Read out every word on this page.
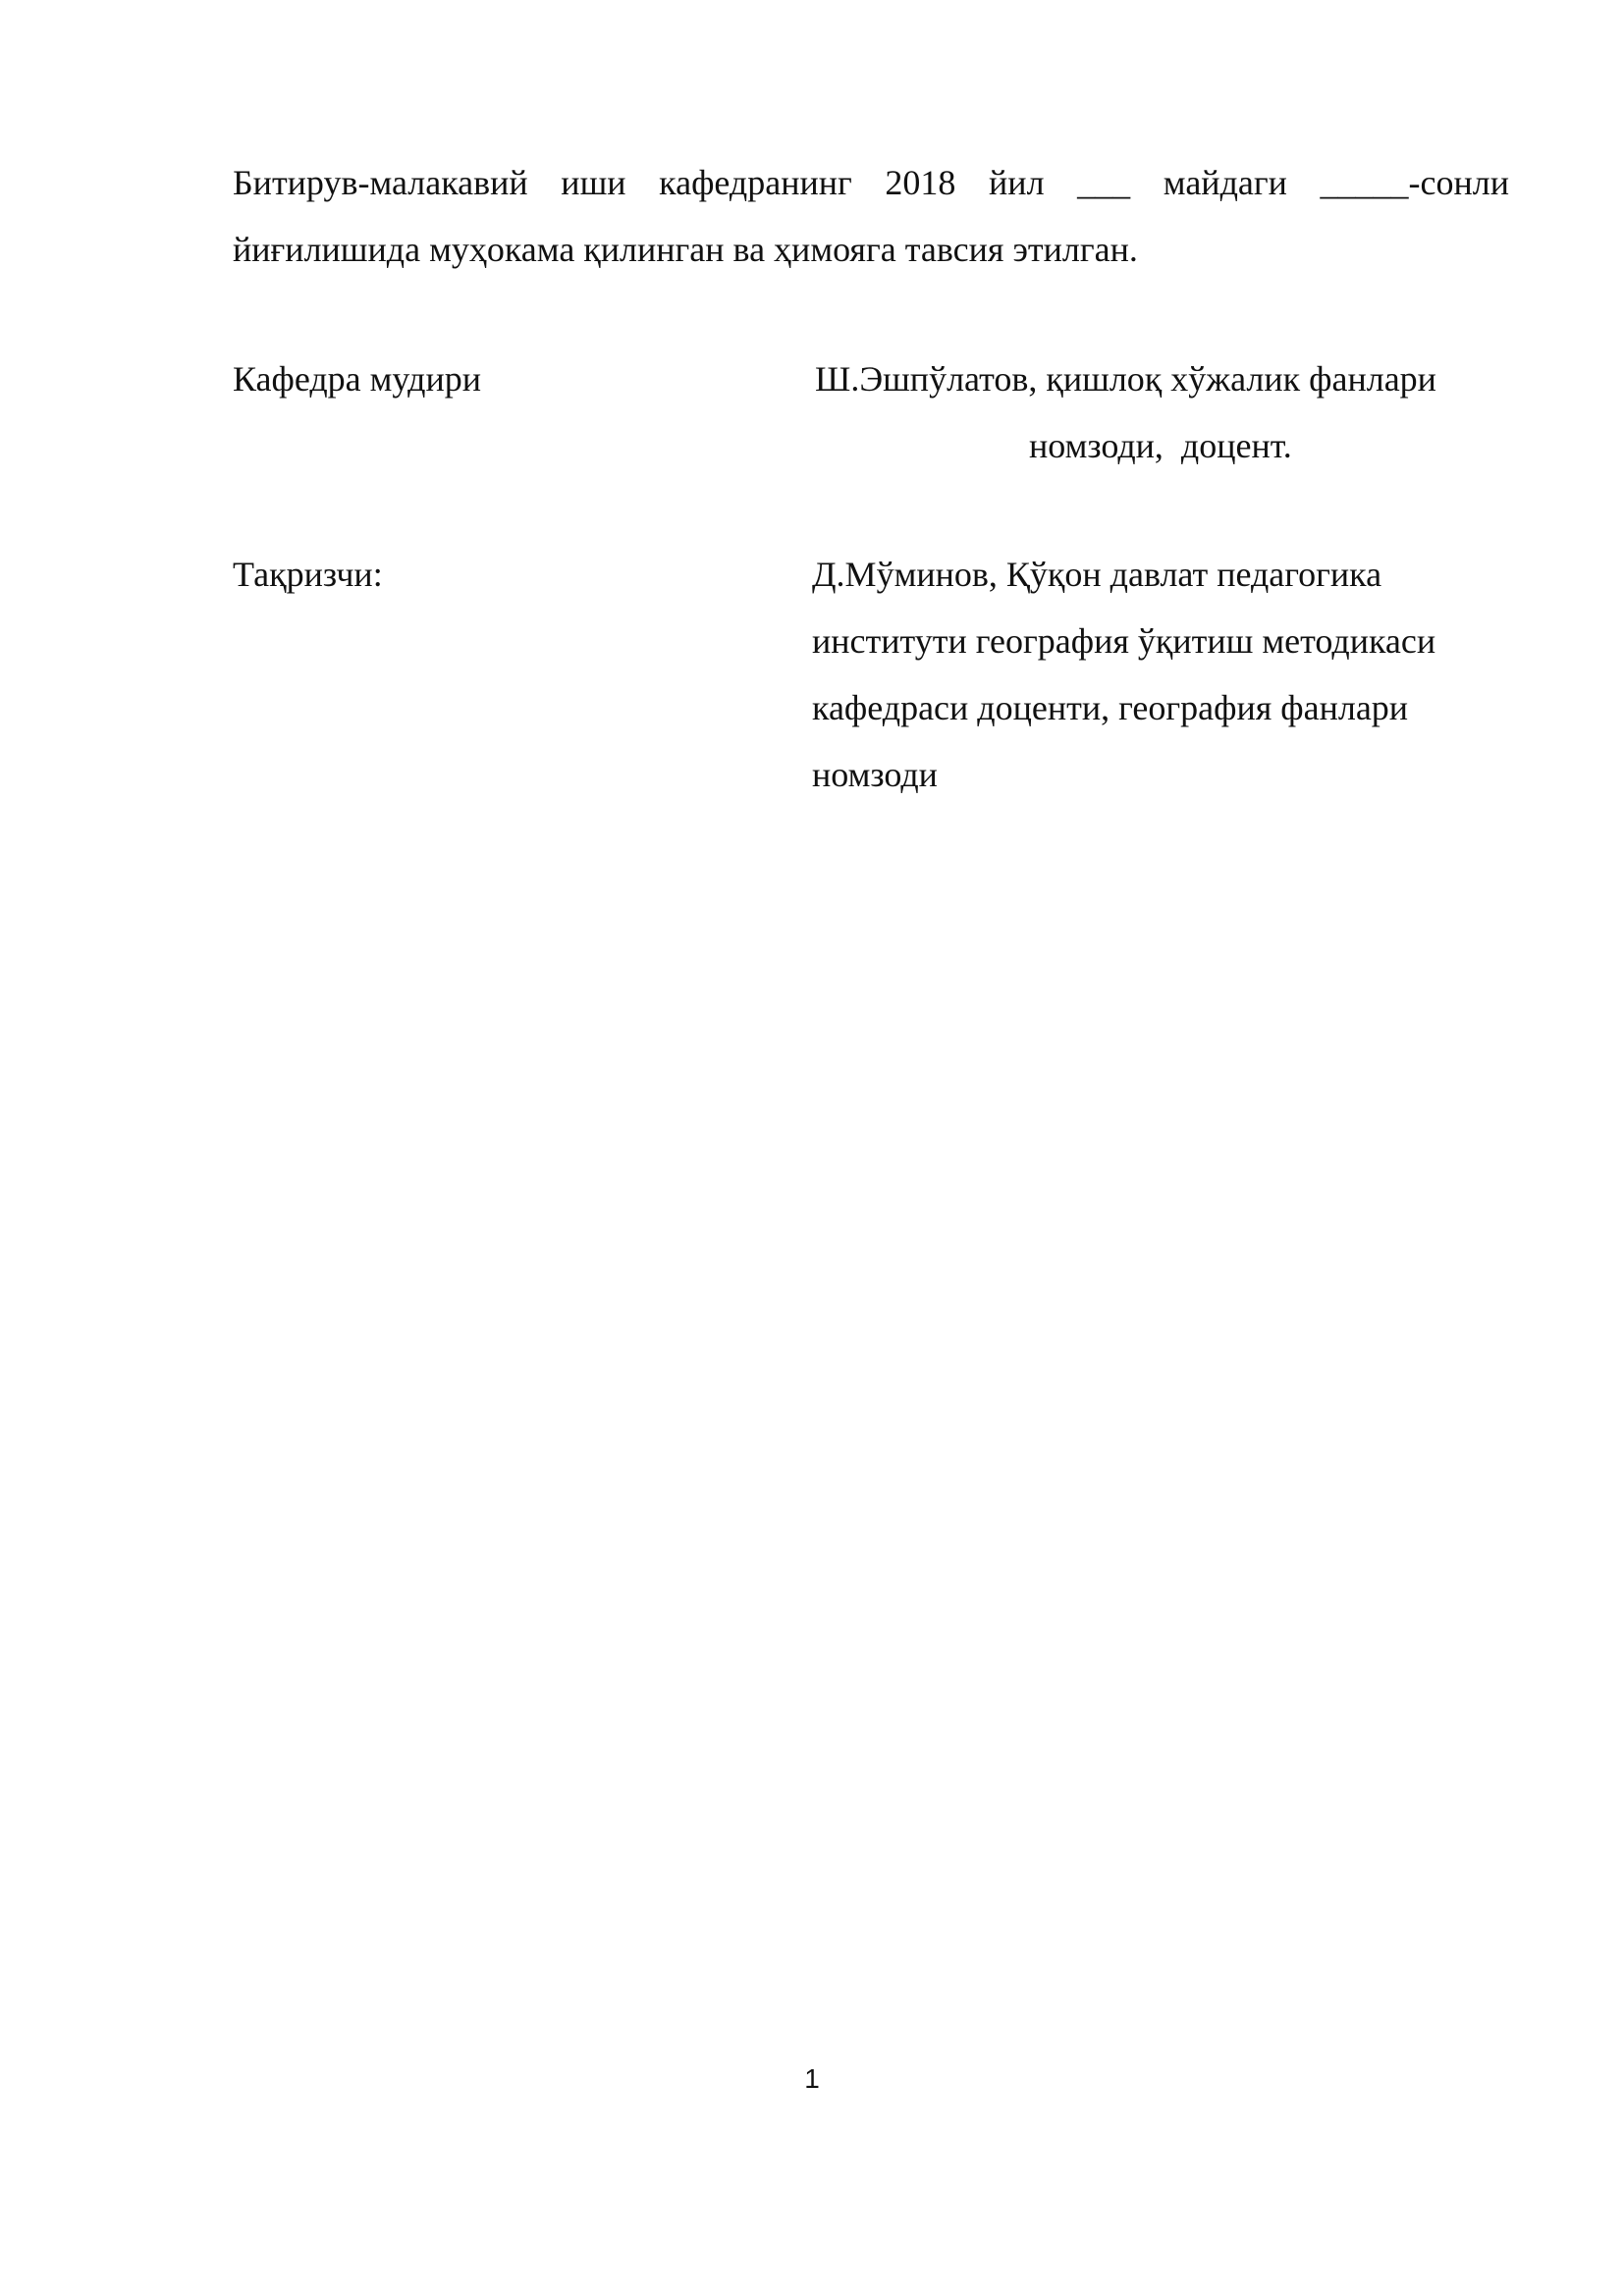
Битирув-малакавий иши кафедранинг 2018 йил ___ майдаги _____-сонли
йиғилишида муҳокама қилинган ва ҳимояга тавсия этилган.
Кафедра мудири	Ш.Эшпўлатов, қишлоқ хўжалик фанлари
номзоди,  доцент.
Тақризчи:	Д.Мўминов, Қўқон давлат педагогика
институти география ўқитиш методикаси
кафедраси доценти, география фанлари
номзоди
1
